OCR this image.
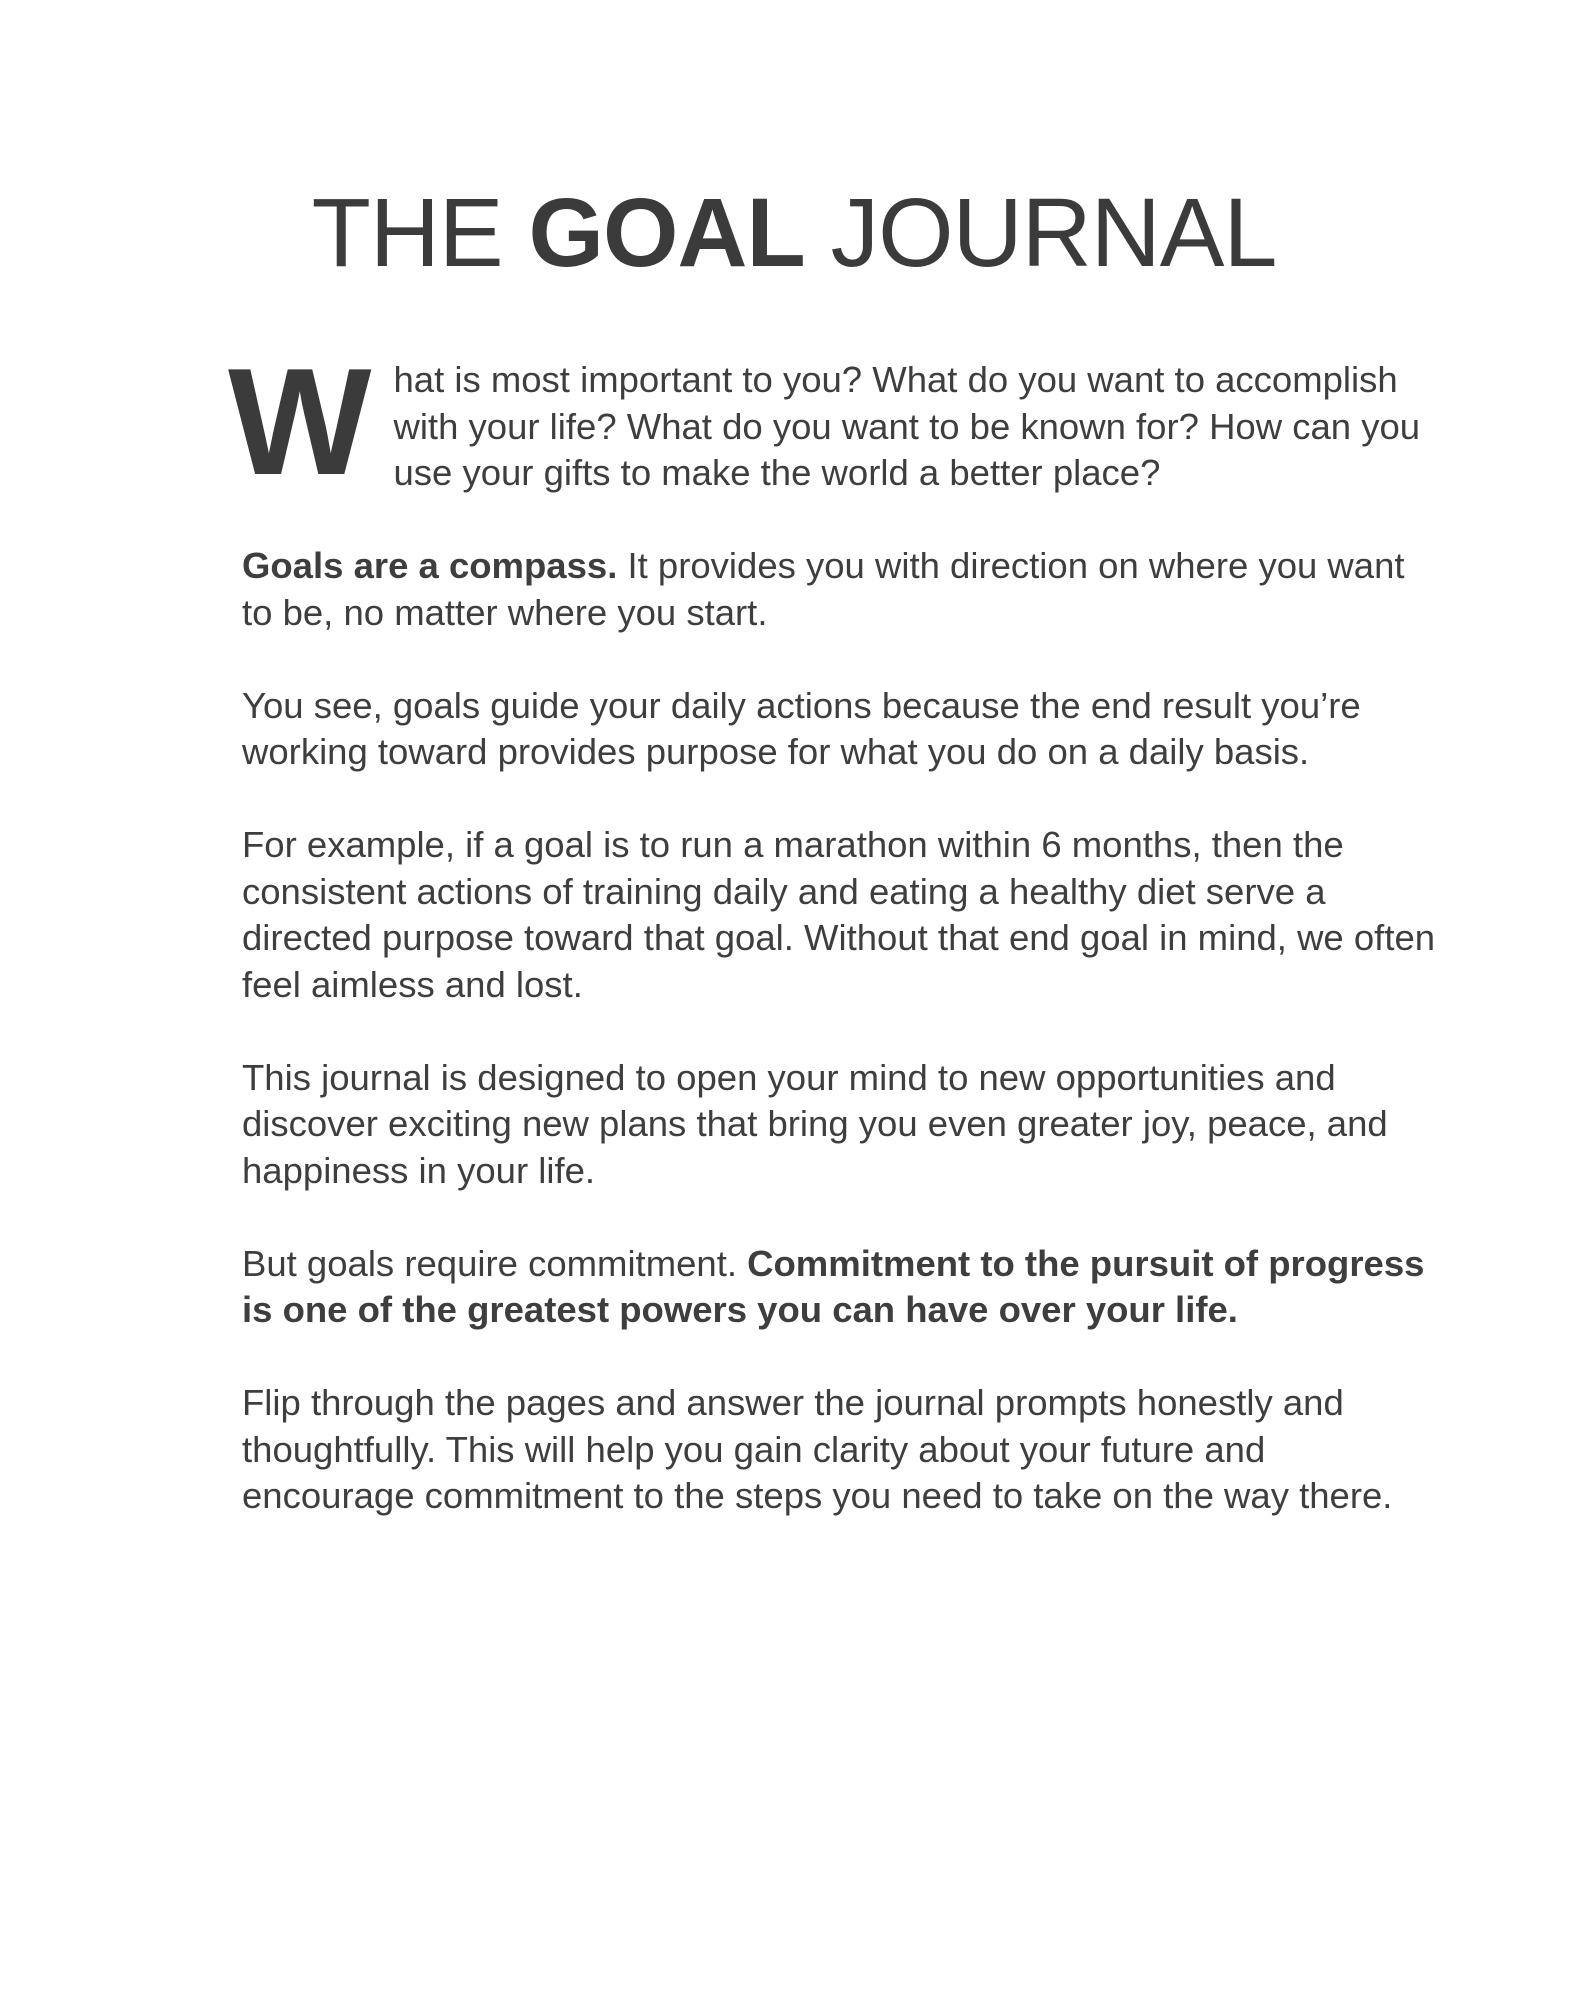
THE GOAL JOURNAL

What is most important to you? What do you want to accomplish with your life? What do you want to be known for? How can you use your gifts to make the world a better place?

Goals are a compass. It provides you with direction on where you want to be, no matter where you start.

You see, goals guide your daily actions because the end result you’re working toward provides purpose for what you do on a daily basis.

For example, if a goal is to run a marathon within 6 months, then the consistent actions of training daily and eating a healthy diet serve a directed purpose toward that goal. Without that end goal in mind, we often feel aimless and lost.

This journal is designed to open your mind to new opportunities and discover exciting new plans that bring you even greater joy, peace, and happiness in your life.

But goals require commitment. Commitment to the pursuit of progress is one of the greatest powers you can have over your life.

Flip through the pages and answer the journal prompts honestly and thoughtfully. This will help you gain clarity about your future and encourage commitment to the steps you need to take on the way there.
